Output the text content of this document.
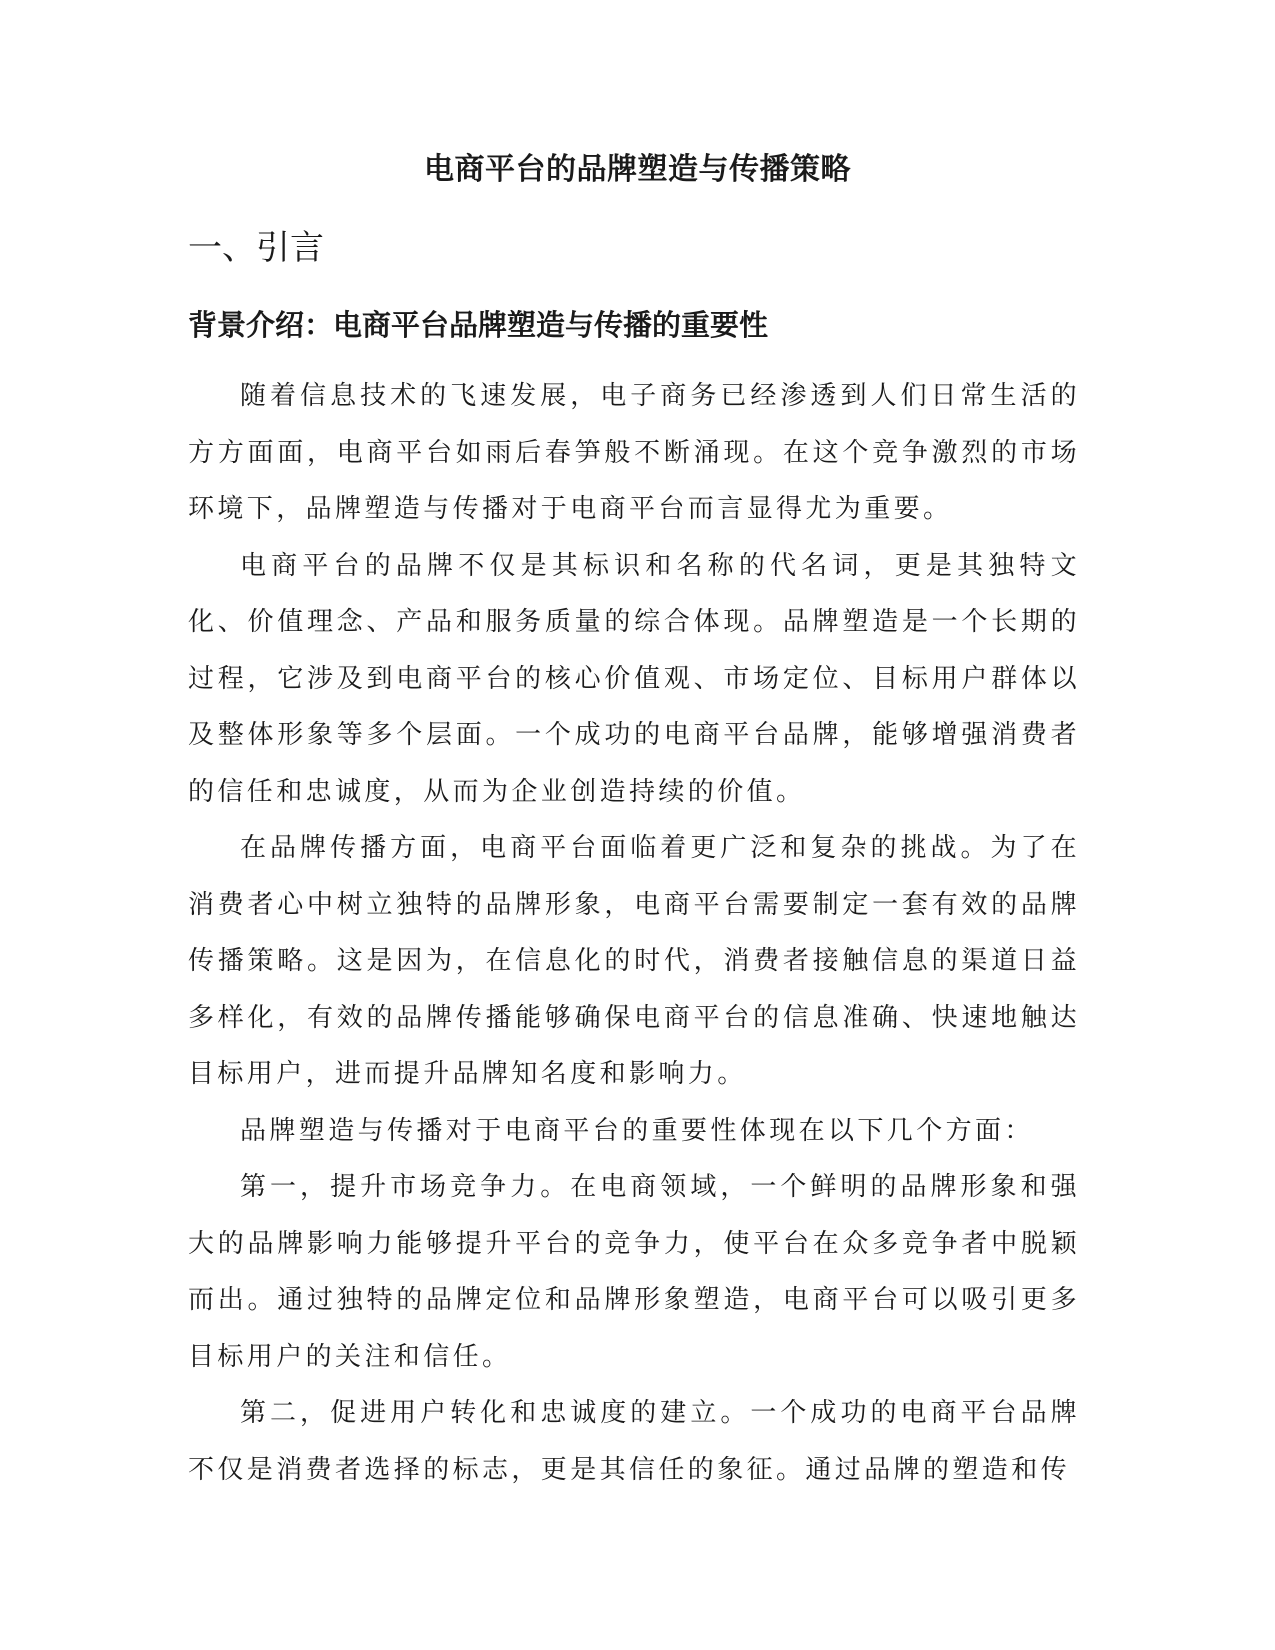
电商平台的品牌塑造与传播策略
一、引言
背景介绍：电商平台品牌塑造与传播的重要性

随着信息技术的飞速发展，电子商务已经渗透到人们日常生活的方方面面，电商平台如雨后春笋般不断涌现。在这个竞争激烈的市场环境下，品牌塑造与传播对于电商平台而言显得尤为重要。

电商平台的品牌不仅是其标识和名称的代名词，更是其独特文化、价值理念、产品和服务质量的综合体现。品牌塑造是一个长期的过程，它涉及到电商平台的核心价值观、市场定位、目标用户群体以及整体形象等多个层面。一个成功的电商平台品牌，能够增强消费者的信任和忠诚度，从而为企业创造持续的价值。

在品牌传播方面，电商平台面临着更广泛和复杂的挑战。为了在消费者心中树立独特的品牌形象，电商平台需要制定一套有效的品牌传播策略。这是因为，在信息化的时代，消费者接触信息的渠道日益多样化，有效的品牌传播能够确保电商平台的信息准确、快速地触达目标用户，进而提升品牌知名度和影响力。

品牌塑造与传播对于电商平台的重要性体现在以下几个方面：

第一，提升市场竞争力。在电商领域，一个鲜明的品牌形象和强大的品牌影响力能够提升平台的竞争力，使平台在众多竞争者中脱颖而出。通过独特的品牌定位和品牌形象塑造，电商平台可以吸引更多目标用户的关注和信任。

第二，促进用户转化和忠诚度的建立。一个成功的电商平台品牌不仅是消费者选择的标志，更是其信任的象征。通过品牌的塑造和传
